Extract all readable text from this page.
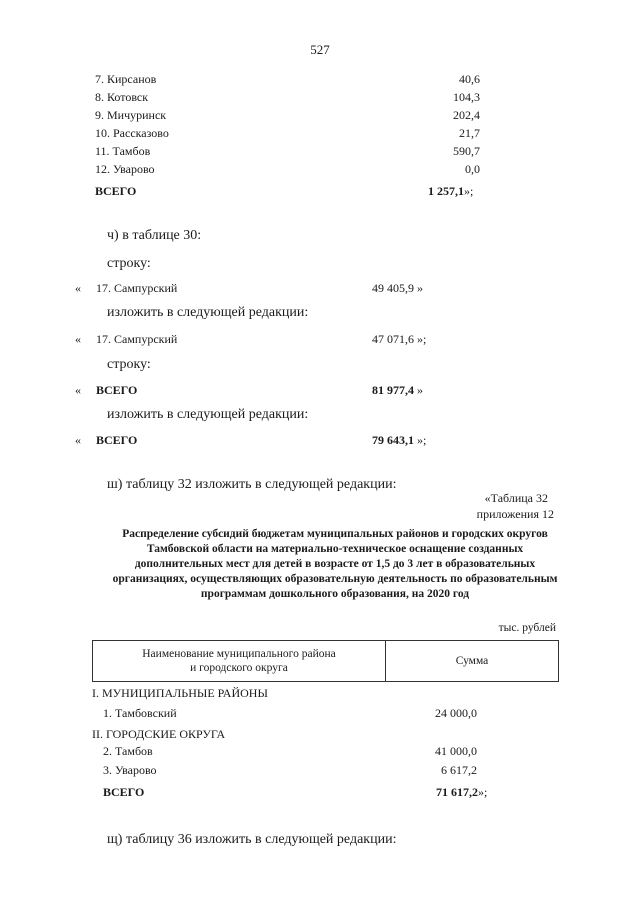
527
7. Кирсанов	40,6
8. Котовск	104,3
9. Мичуринск	202,4
10. Рассказово	21,7
11. Тамбов	590,7
12. Уварово	0,0
ВСЕГО	1 257,1»;
ч) в таблице 30:
строку:
« 17. Сампурский	49 405,9 »
изложить в следующей редакции:
« 17. Сампурский	47 071,6 »;
строку:
« ВСЕГО	81 977,4 »
изложить в следующей редакции:
« ВСЕГО	79 643,1 »;
ш) таблицу 32 изложить в следующей редакции:
«Таблица 32
приложения 12
Распределение субсидий бюджетам муниципальных районов и городских округов Тамбовской области на материально-техническое оснащение созданных дополнительных мест для детей в возрасте от 1,5 до 3 лет в образовательных организациях, осуществляющих образовательную деятельность по образовательным программам дошкольного образования, на 2020 год
тыс. рублей
Наименование муниципального района
и городского округа
Сумма
I. МУНИЦИПАЛЬНЫЕ РАЙОНЫ
1. Тамбовский	24 000,0
II. ГОРОДСКИЕ ОКРУГА
2. Тамбов	41 000,0
3. Уварово	6 617,2
ВСЕГО	71 617,2»;
щ) таблицу 36 изложить в следующей редакции:
